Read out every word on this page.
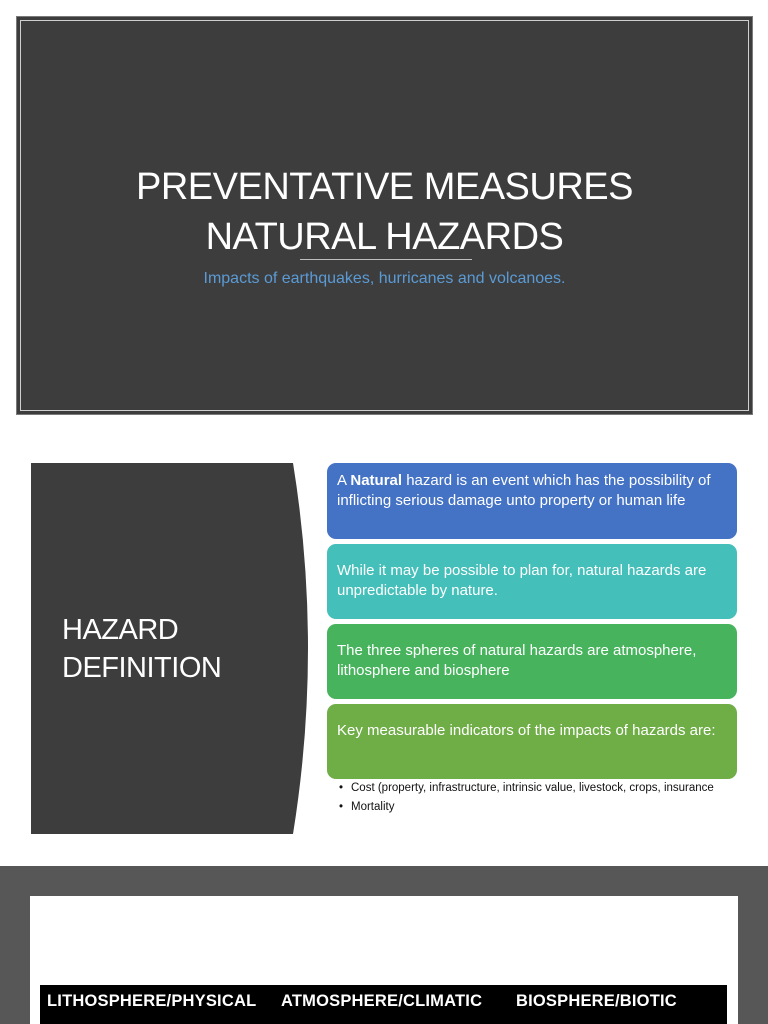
PREVENTATIVE MEASURES
NATURAL HAZARDS
Impacts of earthquakes, hurricanes and volcanoes.
HAZARD
DEFINITION
A Natural hazard is an event which has the possibility of inflicting serious damage unto property or human life
While it may be possible to plan for, natural hazards are unpredictable by nature.
The three spheres of natural hazards are atmosphere, lithosphere and biosphere
Key measurable indicators of the impacts of hazards are:
• Cost (property, infrastructure, intrinsic value, livestock, crops, insurance
• Mortality
LITHOSPHERE/PHYSICAL ATMOSPHERE/CLIMATIC BIOSPHERE/BIOTIC
